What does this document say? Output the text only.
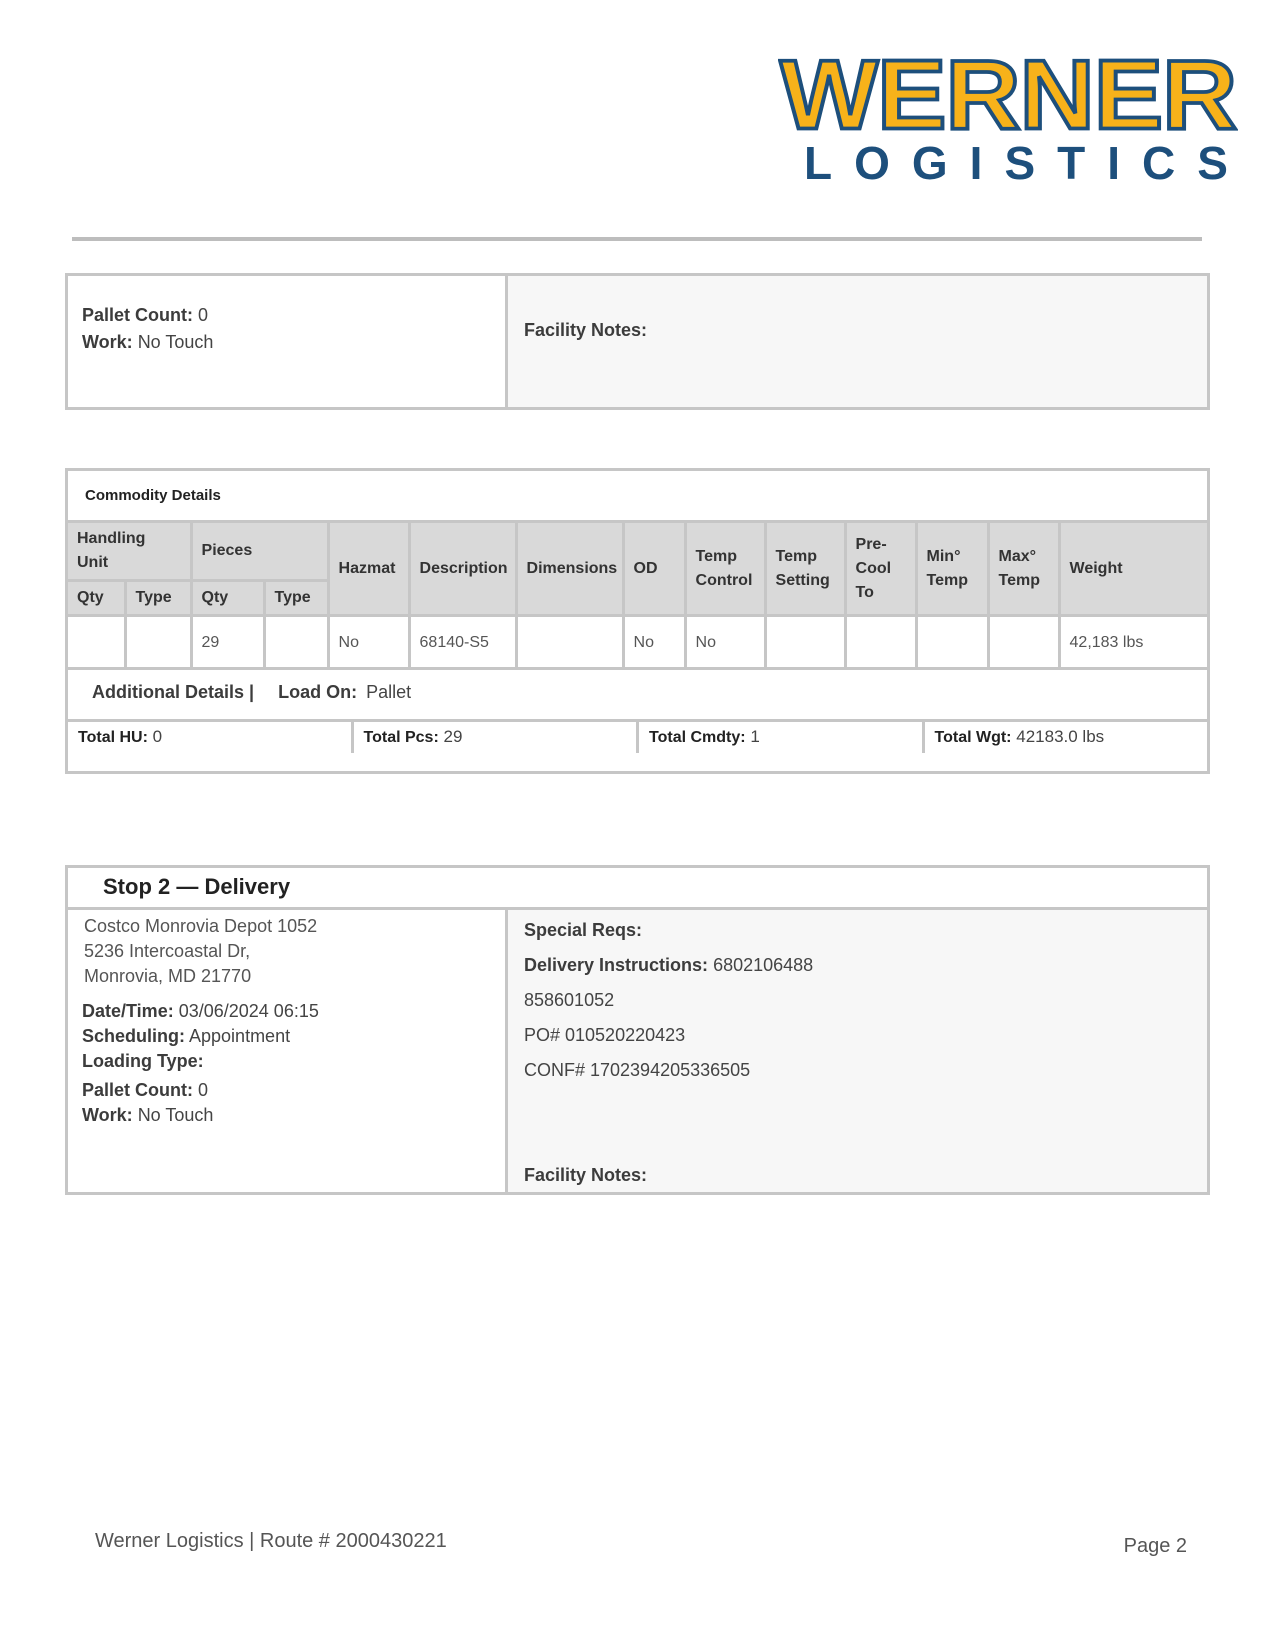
WERNER
LOGISTICS
Pallet Count: 0
Work: No Touch
Facility Notes:
Commodity Details
Handling Unit		Pieces		Hazmat	Description	Dimensions	OD	Temp Control	Temp Setting	Pre-Cool To	Min° Temp	Max° Temp	Weight
Qty	Type	Qty	Type										
		29		No	68140-S5		No	No					42,183 lbs
Additional Details | Load On: Pallet
Total HU: 0	Total Pcs: 29	Total Cmdty: 1	Total Wgt: 42183.0 lbs
Stop 2 — Delivery
Costco Monrovia Depot 1052
5236 Intercoastal Dr,
Monrovia, MD 21770
Date/Time: 03/06/2024 06:15
Scheduling: Appointment
Loading Type:
Pallet Count: 0
Work: No Touch
Special Reqs:
Delivery Instructions: 6802106488
858601052
PO# 010520220423
CONF# 1702394205336505
Facility Notes:
Werner Logistics | Route # 2000430221	Page 2
